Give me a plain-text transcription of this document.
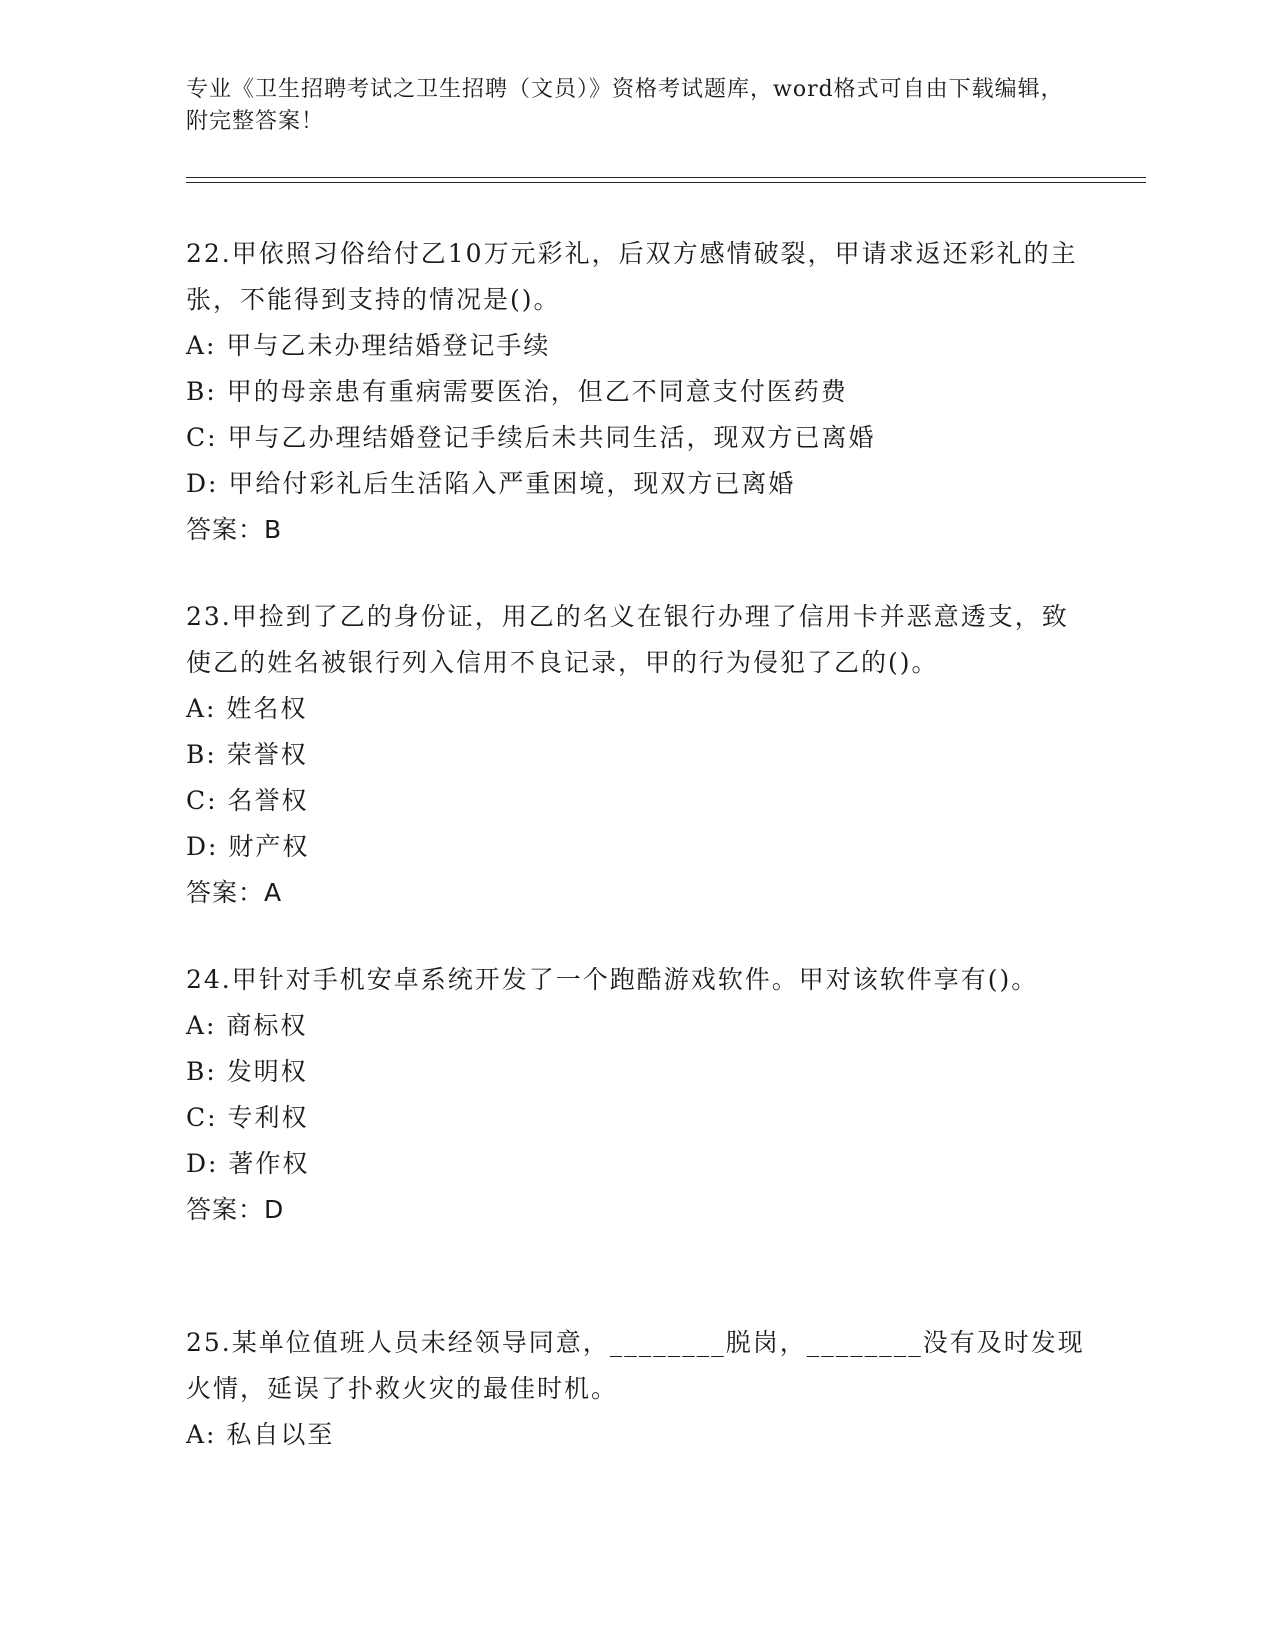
专业《卫生招聘考试之卫生招聘（文员）》资格考试题库，word格式可自由下载编辑，附完整答案！

22.甲依照习俗给付乙10万元彩礼，后双方感情破裂，甲请求返还彩礼的主张，不能得到支持的情况是()。

A: 甲与乙未办理结婚登记手续

B: 甲的母亲患有重病需要医治，但乙不同意支付医药费

C: 甲与乙办理结婚登记手续后未共同生活，现双方已离婚

D: 甲给付彩礼后生活陷入严重困境，现双方已离婚

答案：B

23.甲捡到了乙的身份证，用乙的名义在银行办理了信用卡并恶意透支，致使乙的姓名被银行列入信用不良记录，甲的行为侵犯了乙的()。

A: 姓名权

B: 荣誉权

C: 名誉权

D: 财产权

答案：A

24.甲针对手机安卓系统开发了一个跑酷游戏软件。甲对该软件享有()。

A: 商标权

B: 发明权

C: 专利权

D: 著作权

答案：D

25.某单位值班人员未经领导同意，________脱岗，________没有及时发现火情，延误了扑救火灾的最佳时机。

A: 私自以至
